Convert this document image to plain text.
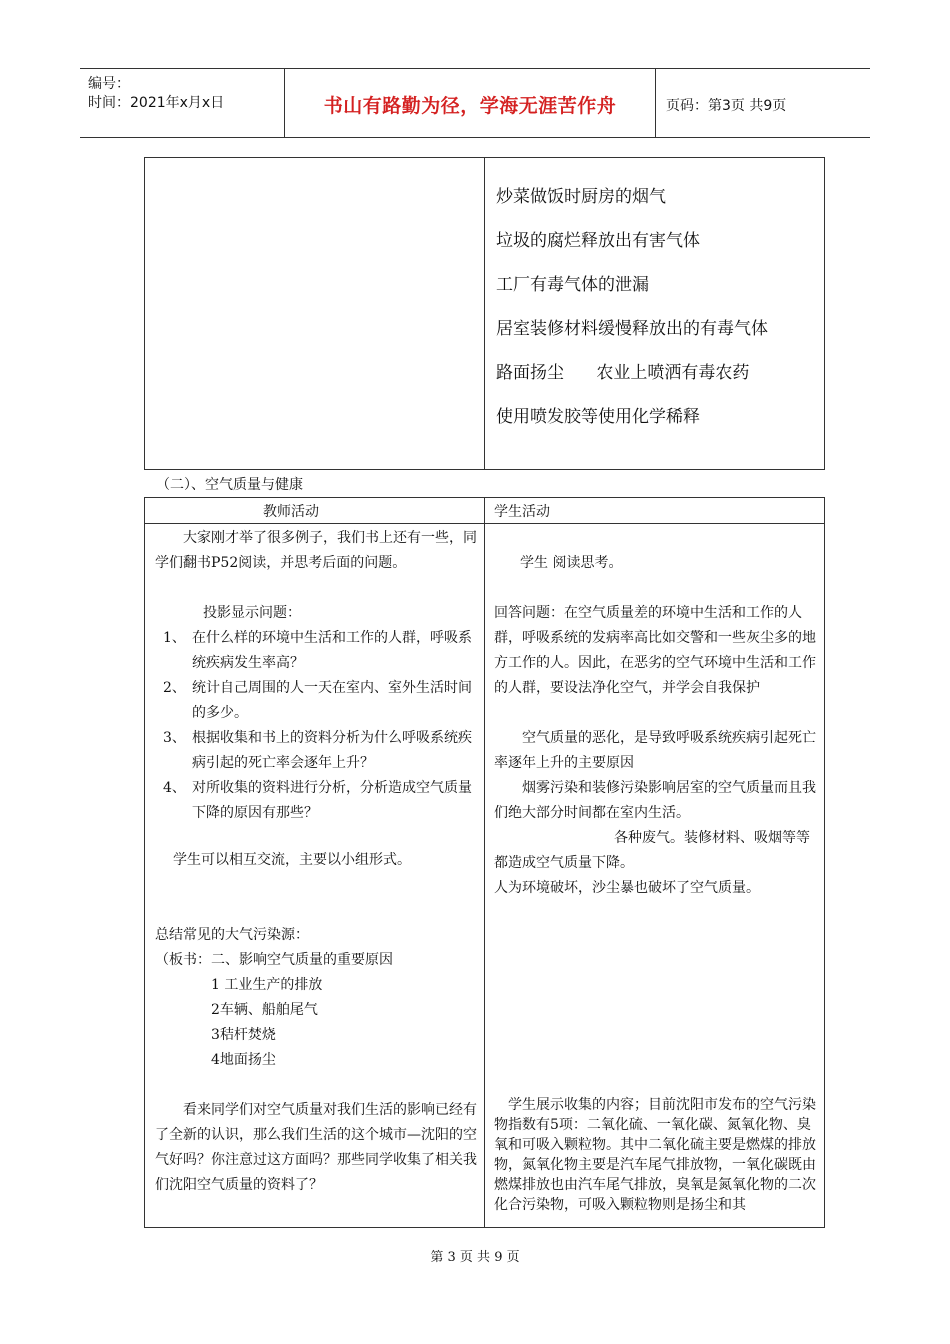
编号：
时间：2021年x月x日	书山有路勤为径，学海无涯苦作舟	页码：第3页 共9页
炒菜做饭时厨房的烟气
垃圾的腐烂释放出有害气体
工厂有毒气体的泄漏
居室装修材料缓慢释放出的有毒气体
路面扬尘      农业上喷洒有毒农药
使用喷发胶等使用化学稀释
（二）、空气质量与健康
教师活动	学生活动
　　大家刚才举了很多例子，我们书上还有一些，同学们翻书P52阅读，并思考后面的问题。
投影显示问题：
1、 在什么样的环境中生活和工作的人群，呼吸系统疾病发生率高？
2、 统计自己周围的人一天在室内、室外生活时间的多少。
3、 根据收集和书上的资料分析为什么呼吸系统疾病引起的死亡率会逐年上升？
4、 对所收集的资料进行分析，分析造成空气质量下降的原因有那些？
学生可以相互交流，主要以小组形式。
总结常见的大气污染源：
（板书：二、影响空气质量的重要原因
1 工业生产的排放
2车辆、船舶尾气
3秸杆焚烧
4地面扬尘
　　看来同学们对空气质量对我们生活的影响已经有了全新的认识，那么我们生活的这个城市—沈阳的空气好吗？你注意过这方面吗？那些同学收集了相关我们沈阳空气质量的资料了？
学生 阅读思考。
回答问题：在空气质量差的环境中生活和工作的人群，呼吸系统的发病率高比如交警和一些灰尘多的地方工作的人。因此，在恶劣的空气环境中生活和工作的人群，要设法净化空气，并学会自我保护
　　空气质量的恶化，是导致呼吸系统疾病引起死亡率逐年上升的主要原因
　　烟雾污染和装修污染影响居室的空气质量而且我们绝大部分时间都在室内生活。
各种废气。装修材料、吸烟等等都造成空气质量下降。
人为环境破坏，沙尘暴也破坏了空气质量。
　学生展示收集的内容；目前沈阳市发布的空气污染物指数有5项：二氧化硫、一氧化碳、氮氧化物、臭氧和可吸入颗粒物。其中二氧化硫主要是燃煤的排放物，氮氧化物主要是汽车尾气排放物，一氧化碳既由燃煤排放也由汽车尾气排放，臭氧是氮氧化物的二次化合污染物，可吸入颗粒物则是扬尘和其
第 3 页 共 9 页
